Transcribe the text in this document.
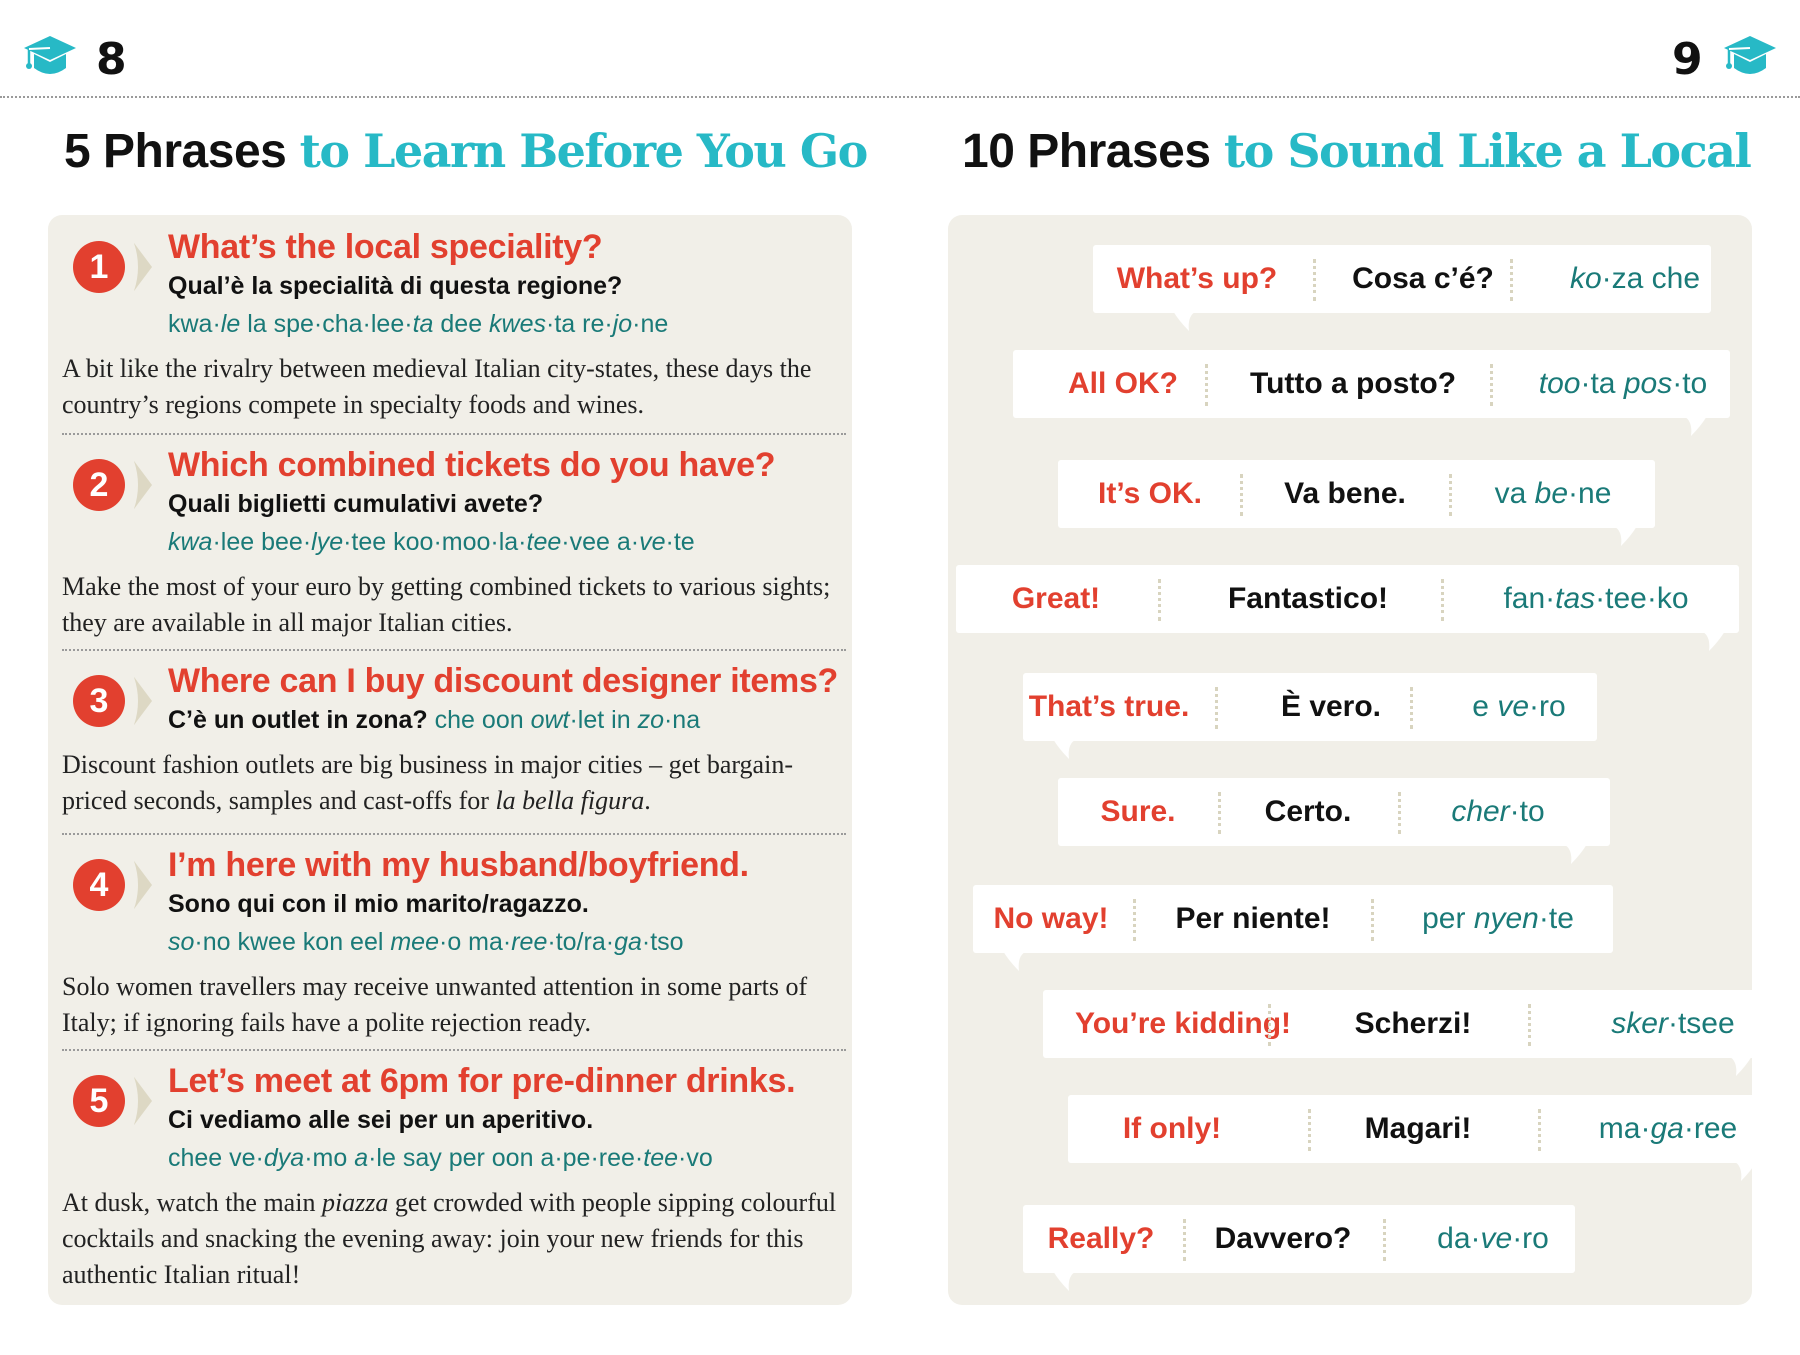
8	9
5 Phrases to Learn Before You Go 10 Phrases to Sound Like a Local
1
What’s the local speciality?
Qual’è la specialità di questa regione?
kwa·le la spe·cha·lee·ta dee kwes·ta re·jo·ne
A bit like the rivalry between medieval Italian city-states, these days the country’s regions compete in specialty foods and wines.
2
Which combined tickets do you have?
Quali biglietti cumulativi avete?
kwa·lee bee·lye·tee koo·moo·la·tee·vee a·ve·te
Make the most of your euro by getting combined tickets to various sights; they are available in all major Italian cities.
3
Where can I buy discount designer items?
C’è un outlet in zona? che oon owt·let in zo·na
Discount fashion outlets are big business in major cities – get bargain-priced seconds, samples and cast-offs for la bella figura.
4
I’m here with my husband/boyfriend.
Sono qui con il mio marito/ragazzo.
so·no kwee kon eel mee·o ma·ree·to/ra·ga·tso
Solo women travellers may receive unwanted attention in some parts of Italy; if ignoring fails have a polite rejection ready.
5
Let’s meet at 6pm for pre-dinner drinks.
Ci vediamo alle sei per un aperitivo.
chee ve·dya·mo a·le say per oon a·pe·ree·tee·vo
At dusk, watch the main piazza get crowded with people sipping colourful cocktails and snacking the evening away: join your new friends for this authentic Italian ritual!
What’s up?	Cosa c’é?	ko·za che
All OK?	Tutto a posto?	too·ta pos·to
It’s OK.	Va bene.	va be·ne
Great!	Fantastico!	fan·tas·tee·ko
That’s true.	È vero.	e ve·ro
Sure.	Certo.	cher·to
No way!	Per niente!	per nyen·te
You’re kidding!	Scherzi!	sker·tsee
If only!	Magari!	ma·ga·ree
Really?	Davvero?	da·ve·ro
